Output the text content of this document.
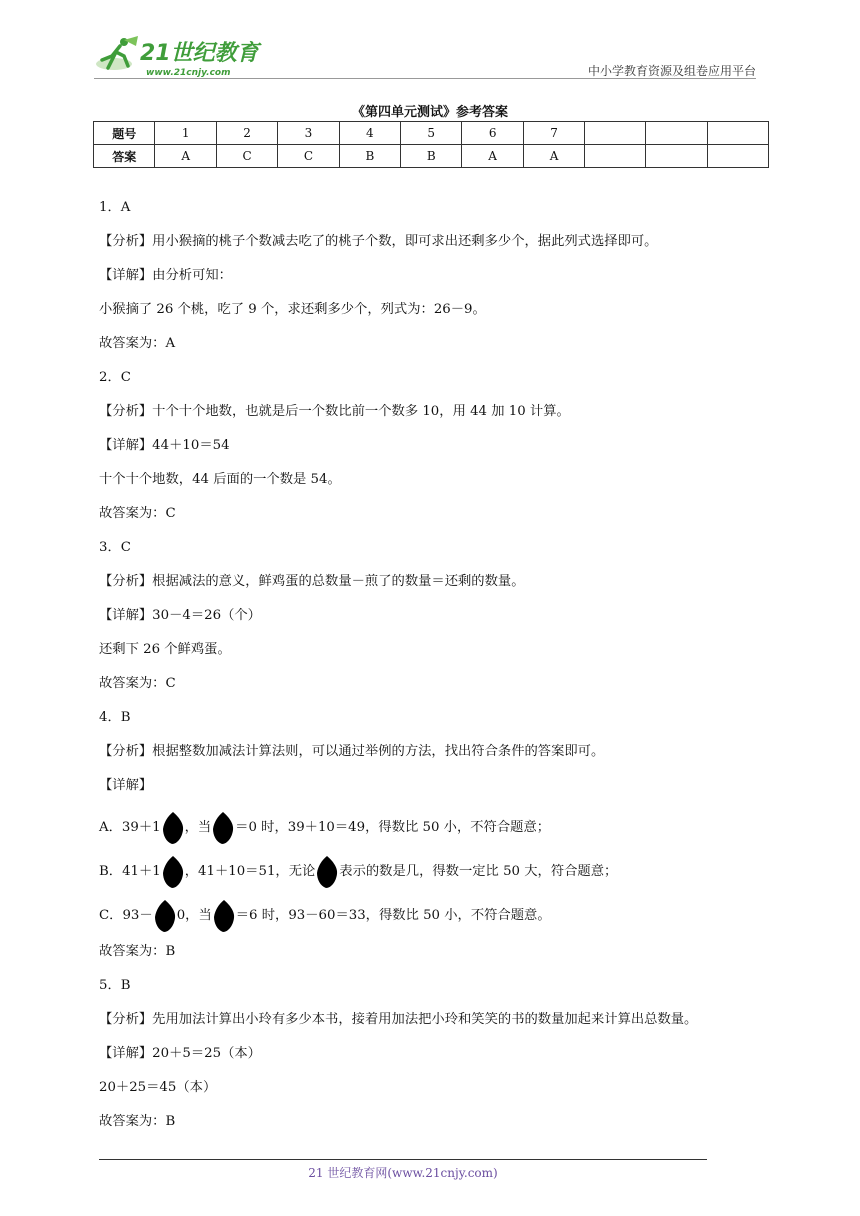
21世纪教育
www.21cnjy.com	中小学教育资源及组卷应用平台
《第四单元测试》参考答案
题号	1	2	3	4	5	6	7			
答案	A	C	C	B	B	A	A			
1．A
【分析】用小猴摘的桃子个数减去吃了的桃子个数，即可求出还剩多少个，据此列式选择即可。
【详解】由分析可知：
小猴摘了 26 个桃，吃了 9 个，求还剩多少个，列式为：26－9。
故答案为：A
2．C
【分析】十个十个地数，也就是后一个数比前一个数多 10，用 44 加 10 计算。
【详解】44＋10＝54
十个十个地数，44 后面的一个数是 54。
故答案为：C
3．C
【分析】根据减法的意义，鲜鸡蛋的总数量－煎了的数量＝还剩的数量。
【详解】30－4＝26（个）
还剩下 26 个鲜鸡蛋。
故答案为：C
4．B
【分析】根据整数加减法计算法则，可以通过举例的方法，找出符合条件的答案即可。
【详解】
A．39＋1 ，当 ＝0 时，39＋10＝49，得数比 50 小，不符合题意；
B．41＋1 ，41＋10＝51，无论 表示的数是几，得数一定比 50 大，符合题意；
C．93－ 0，当 ＝6 时，93－60＝33，得数比 50 小，不符合题意。
故答案为：B
5．B
【分析】先用加法计算出小玲有多少本书，接着用加法把小玲和笑笑的书的数量加起来计算出总数量。
【详解】20＋5＝25（本）
20＋25＝45（本）
故答案为：B
21 世纪教育网(www.21cnjy.com)
